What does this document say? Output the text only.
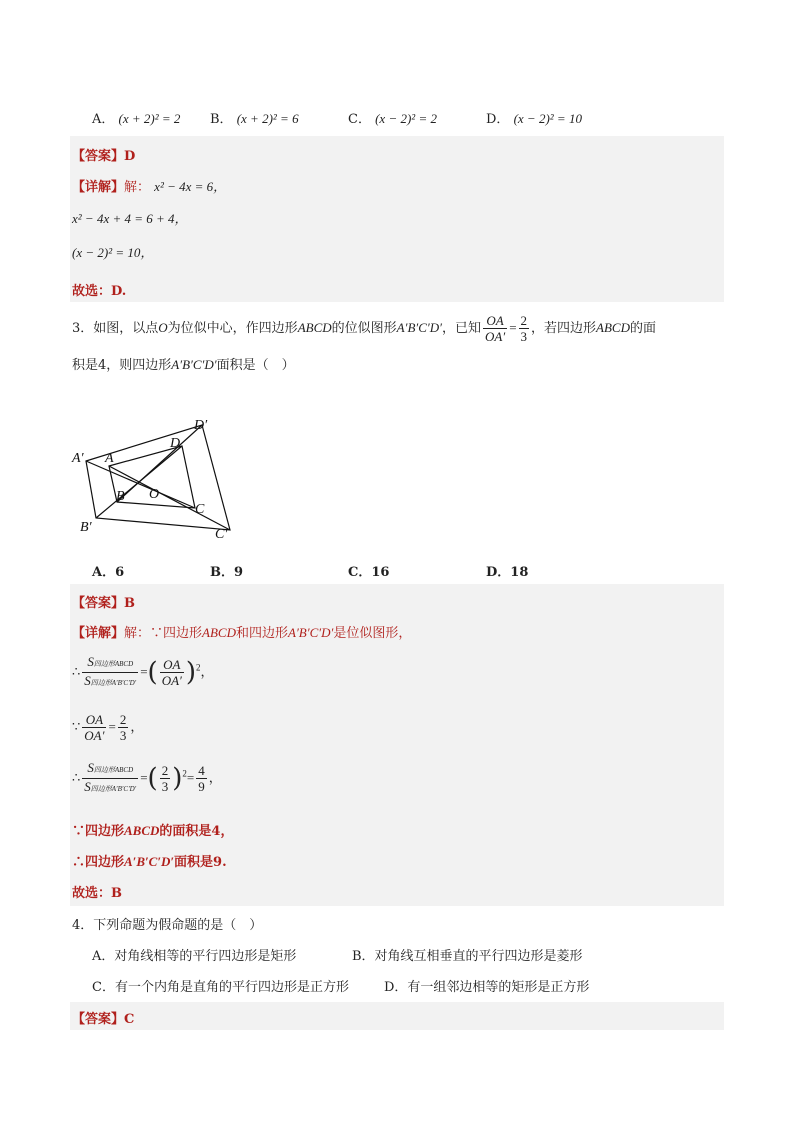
A． (x + 2)² = 2 B． (x + 2)² = 6	C． (x − 2)² = 2	D． (x − 2)² = 10
【答案】D
【详解】解： x² − 4x = 6，
x² − 4x + 4 = 6 + 4，
(x − 2)² = 10，
故选：D.
3．如图，以点O为位似中心，作四边形ABCD的位似图形A′B′C′D′，已知 $\frac{OA}{OA'} = \frac{2}{3}$ ，若四边形ABCD的面
积是4，则四边形A′B′C′D′面积是（　）
A′ A
B
B′
O
C
C′
D
D′
A．6	B．9	C．16	D．18
【答案】B
【详解】解：∵四边形ABCD和四边形A′B′C′D′是位似图形，
∴ $\frac{\text{S四边形ABCD}}{\text{S四边形A′B′C′D′}}$ =( $\frac{OA}{OA'} )^2$，
∵ $\frac{OA}{OA'} = \frac{2}{3}$ ，
∴ $\frac{\text{S四边形ABCD}}{\text{S四边形A′B′C′D′}}$ =( $\frac{2}{3} )^2= \frac{4}{9}$ ，
∵四边形ABCD的面积是4，
∴四边形A′B′C′D′面积是9.
故选：B
4．下列命题为假命题的是（　）
A．对角线相等的平行四边形是矩形	B．对角线互相垂直的平行四边形是菱形
C．有一个内角是直角的平行四边形是正方形	D．有一组邻边相等的矩形是正方形
【答案】C
